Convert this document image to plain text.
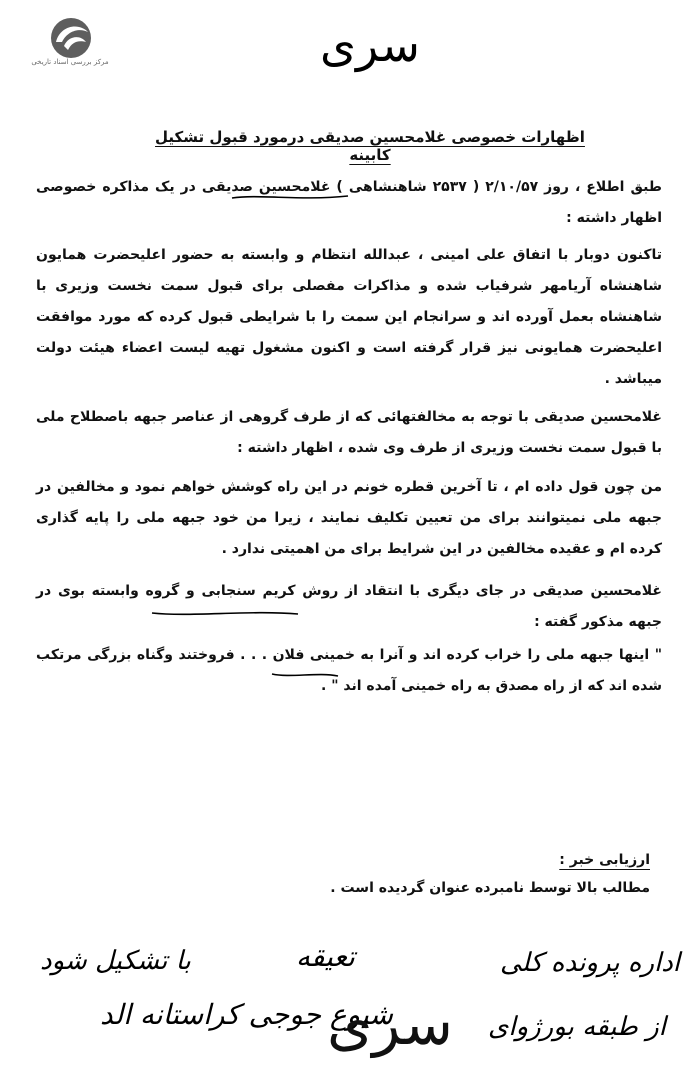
مرکز بررسی اسناد تاریخی	سری
اظهارات خصوصی غلامحسین صدیقی درمورد قبول تشکیل کابینه
طبق اطلاع ، روز ۲/۱۰/۵۷ ( ۲۵۳۷ شاهنشاهی ) غلامحسین صدیقی در یک مذاکره خصوصی اظهار داشته :
تاکنون دوبار با اتفاق علی امینی ، عبدالله انتظام و وابسته به حضور اعلیحضرت همایون شاهنشاه آریامهر شرفیاب شده و مذاکرات مفصلی برای قبول سمت نخست وزیری با شاهنشاه بعمل آورده اند و سرانجام این سمت را با شرایطی قبول کرده که مورد موافقت اعلیحضرت همایونی نیز قرار گرفته است و اکنون مشغول تهیه لیست اعضاء هیئت دولت میباشد .
غلامحسین صدیقی با توجه به مخالفتهائی که از طرف گروهی از عناصر جبهه باصطلاح ملی با قبول سمت نخست وزیری از طرف وی شده ، اظهار داشته :
من چون قول داده ام ، تا آخرین قطره خونم در این راه کوشش خواهم نمود و مخالفین در جبهه ملی نمیتوانند برای من تعیین تکلیف نمایند ، زیرا من خود جبهه ملی را پایه گذاری کرده ام و عقیده مخالفین در این شرایط برای من اهمیتی ندارد .
غلامحسین صدیقی در جای دیگری با انتقاد از روش کریم سنجابی و گروه وابسته بوی در جبهه مذکور گفته :
" اینها جبهه ملی را خراب کرده اند و آنرا به خمینی فلان . . . فروختند وگناه بزرگی مرتکب شده اند که از راه مصدق به راه خمینی آمده اند " .
ارزیابی خبر :
مطالب بالا توسط نامبرده عنوان گردیده است .
با تشکیل شود	تعیقه	اداره پرونده کلی
شیوع جوجی کراستانه الد	از طبقه بورژوای
سری
